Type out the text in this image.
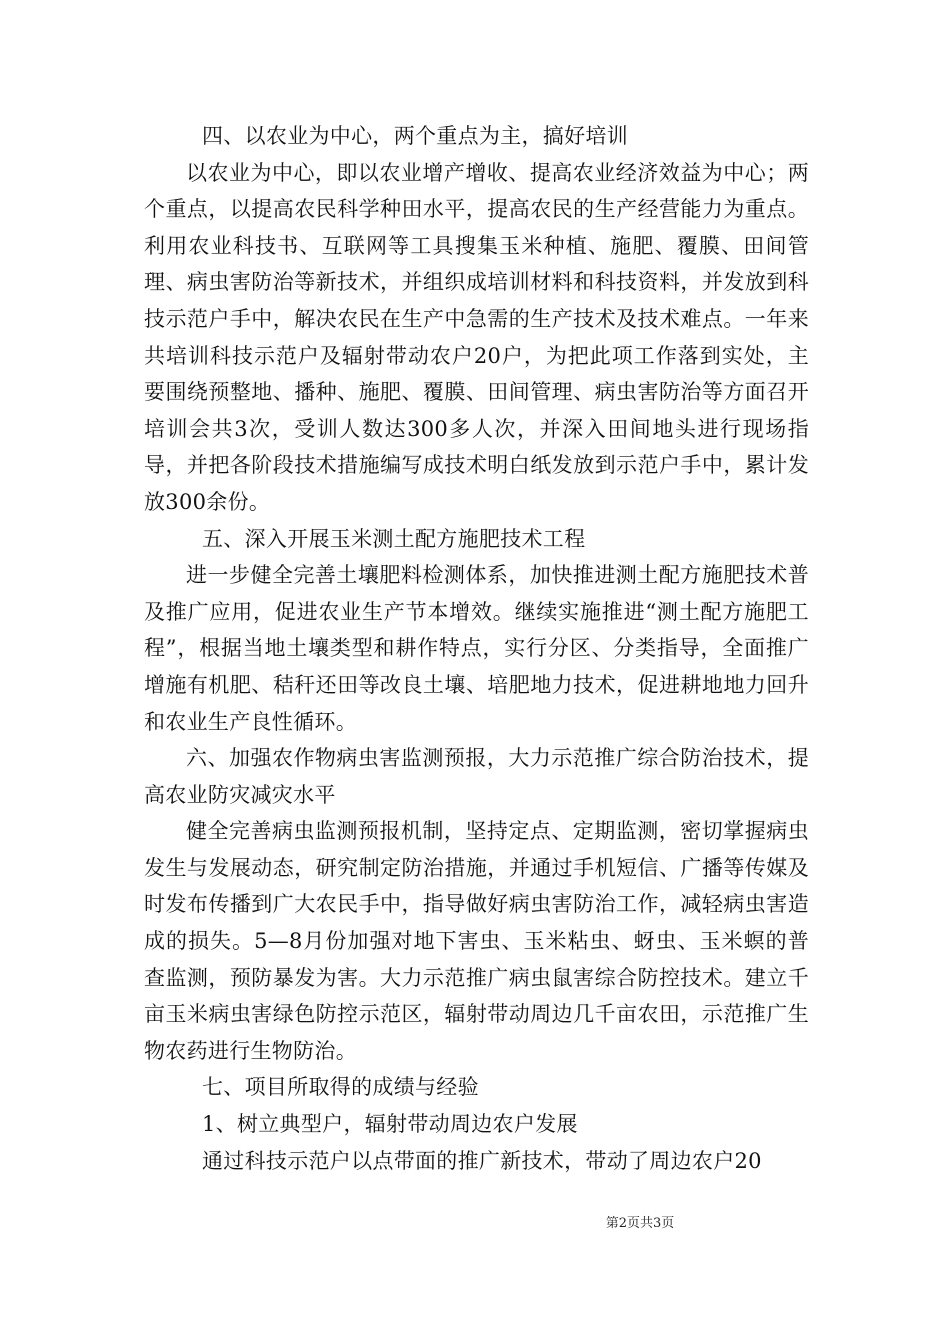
四、以农业为中心，两个重点为主，搞好培训

以农业为中心，即以农业增产增收、提高农业经济效益为中心；两个重点，以提高农民科学种田水平，提高农民的生产经营能力为重点。利用农业科技书、互联网等工具搜集玉米种植、施肥、覆膜、田间管理、病虫害防治等新技术，并组织成培训材料和科技资料，并发放到科技示范户手中，解决农民在生产中急需的生产技术及技术难点。一年来共培训科技示范户及辐射带动农户20户，为把此项工作落到实处，主要围绕预整地、播种、施肥、覆膜、田间管理、病虫害防治等方面召开培训会共3次，受训人数达300多人次，并深入田间地头进行现场指导，并把各阶段技术措施编写成技术明白纸发放到示范户手中，累计发放300余份。

五、深入开展玉米测土配方施肥技术工程

进一步健全完善土壤肥料检测体系，加快推进测土配方施肥技术普及推广应用，促进农业生产节本增效。继续实施推进“测土配方施肥工程”，根据当地土壤类型和耕作特点，实行分区、分类指导，全面推广增施有机肥、秸秆还田等改良土壤、培肥地力技术，促进耕地地力回升和农业生产良性循环。

六、加强农作物病虫害监测预报，大力示范推广综合防治技术，提高农业防灾减灾水平

健全完善病虫监测预报机制，坚持定点、定期监测，密切掌握病虫发生与发展动态，研究制定防治措施，并通过手机短信、广播等传媒及时发布传播到广大农民手中，指导做好病虫害防治工作，减轻病虫害造成的损失。5—8月份加强对地下害虫、玉米粘虫、蚜虫、玉米螟的普查监测，预防暴发为害。大力示范推广病虫鼠害综合防控技术。建立千亩玉米病虫害绿色防控示范区，辐射带动周边几千亩农田，示范推广生物农药进行生物防治。

七、项目所取得的成绩与经验

1、树立典型户，辐射带动周边农户发展

通过科技示范户以点带面的推广新技术，带动了周边农户20

第2页共3页
